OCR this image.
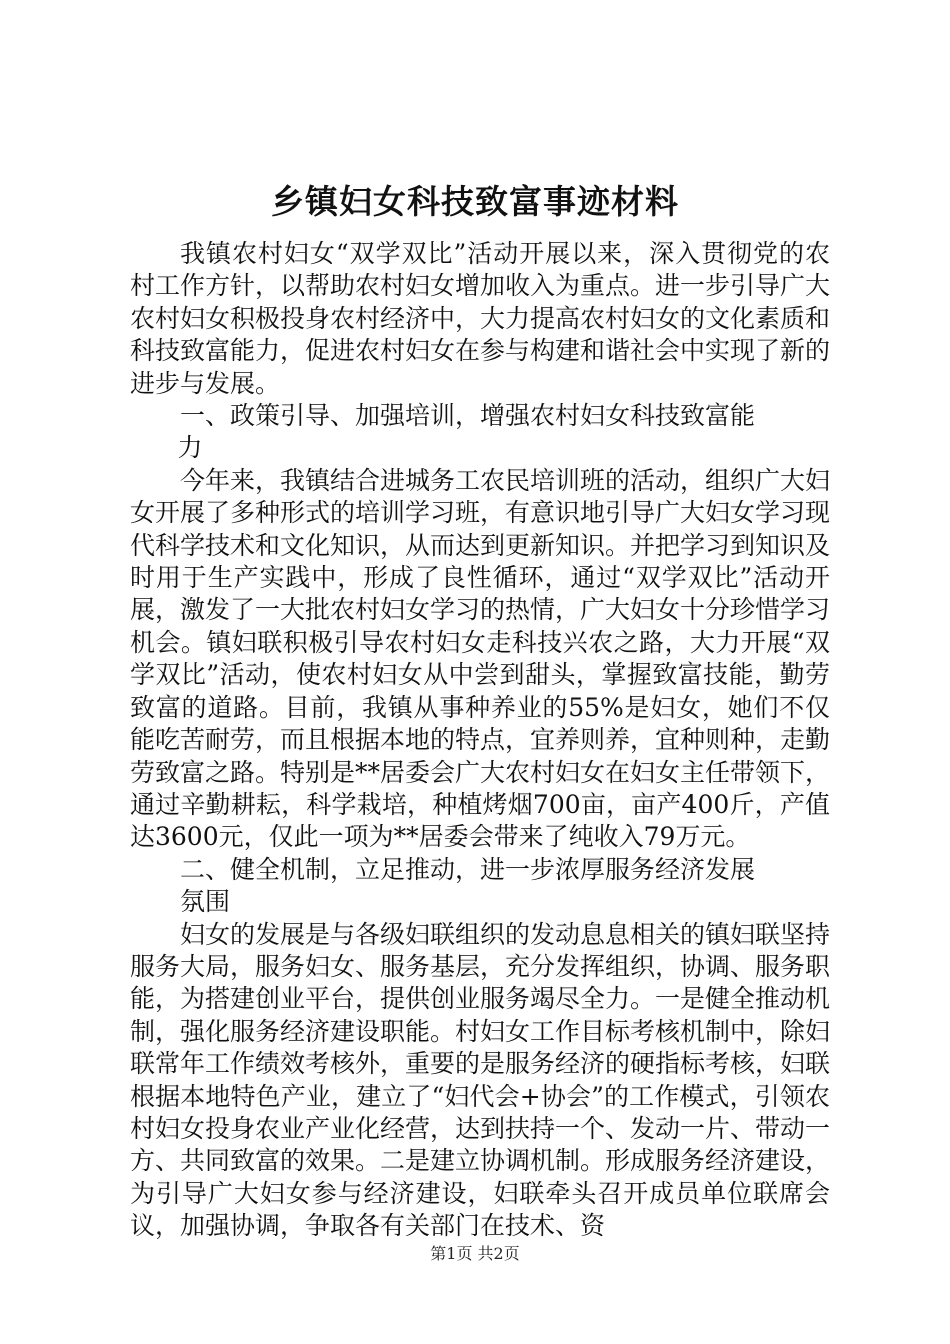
乡镇妇女科技致富事迹材料

我镇农村妇女“双学双比”活动开展以来，深入贯彻党的农村工作方针，以帮助农村妇女增加收入为重点。进一步引导广大农村妇女积极投身农村经济中，大力提高农村妇女的文化素质和科技致富能力，促进农村妇女在参与构建和谐社会中实现了新的进步与发展。

一、政策引导、加强培训，增强农村妇女科技致富能

力

今年来，我镇结合进城务工农民培训班的活动，组织广大妇女开展了多种形式的培训学习班，有意识地引导广大妇女学习现代科学技术和文化知识，从而达到更新知识。并把学习到知识及时用于生产实践中，形成了良性循环，通过“双学双比”活动开展，激发了一大批农村妇女学习的热情，广大妇女十分珍惜学习机会。镇妇联积极引导农村妇女走科技兴农之路，大力开展“双学双比”活动，使农村妇女从中尝到甜头，掌握致富技能，勤劳致富的道路。目前，我镇从事种养业的55%是妇女，她们不仅能吃苦耐劳，而且根据本地的特点，宜养则养，宜种则种，走勤劳致富之路。特别是**居委会广大农村妇女在妇女主任带领下，通过辛勤耕耘，科学栽培，种植烤烟700亩，亩产400斤，产值达3600元，仅此一项为**居委会带来了纯收入79万元。

二、健全机制，立足推动，进一步浓厚服务经济发展氛围

妇女的发展是与各级妇联组织的发动息息相关的镇妇联坚持服务大局，服务妇女、服务基层，充分发挥组织，协调、服务职能，为搭建创业平台，提供创业服务竭尽全力。一是健全推动机制，强化服务经济建设职能。村妇女工作目标考核机制中，除妇联常年工作绩效考核外，重要的是服务经济的硬指标考核，妇联根据本地特色产业，建立了“妇代会+协会”的工作模式，引领农村妇女投身农业产业化经营，达到扶持一个、发动一片、带动一方、共同致富的效果。二是建立协调机制。形成服务经济建设，为引导广大妇女参与经济建设，妇联牵头召开成员单位联席会议，加强协调，争取各有关部门在技术、资

第1页 共2页
